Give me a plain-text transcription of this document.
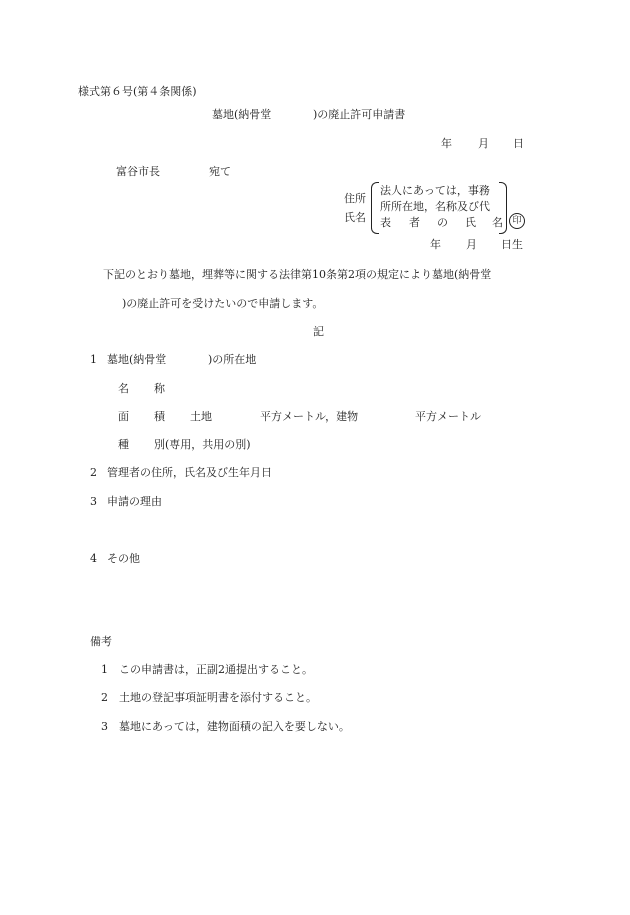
様式第６号(第４条関係)
墓地(納骨堂	)の廃止許可申請書
年 月 日
富谷市長	宛て
住所
氏名
法人にあっては，事務
所所在地，名称及び代
表 者 の 氏 名	印
年 月 日生
下記のとおり墓地，埋葬等に関する法律第10条第2項の規定により墓地(納骨堂
)の廃止許可を受けたいので申請します。
記
1 墓地(納骨堂	)の所在地
名 称
面 積 土地	平方メートル，建物	平方メートル
種 別(専用，共用の別)
2 管理者の住所，氏名及び生年月日
3 申請の理由
4 その他
備考
1 この申請書は，正副2通提出すること。
2 土地の登記事項証明書を添付すること。
3 墓地にあっては，建物面積の記入を要しない。
